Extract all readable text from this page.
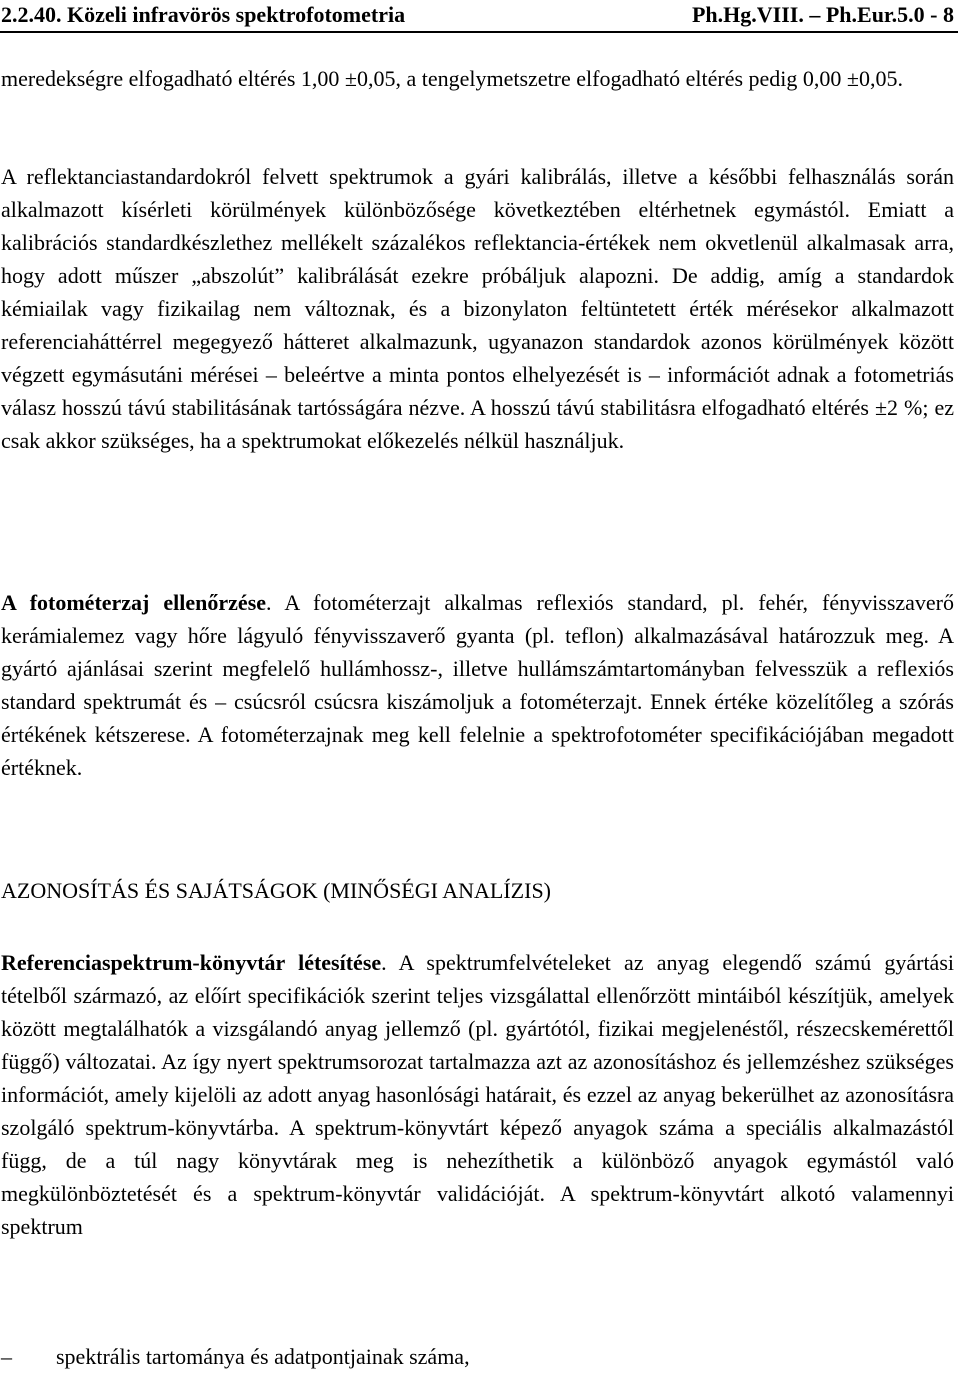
2.2.40. Közeli infravörös spektrofotometria	Ph.Hg.VIII. – Ph.Eur.5.0 - 8
meredekségre elfogadható eltérés 1,00 ±0,05, a tengelymetszetre elfogadható eltérés pedig 0,00 ±0,05.
A reflektanciastandardokról felvett spektrumok a gyári kalibrálás, illetve a későbbi felhasználás során alkalmazott kísérleti körülmények különbözősége következtében eltérhetnek egymástól. Emiatt a kalibrációs standardkészlethez mellékelt százalékos reflektancia-értékek nem okvetlenül alkalmasak arra, hogy adott műszer „abszolút” kalibrálását ezekre próbáljuk alapozni. De addig, amíg a standardok kémiailak vagy fizikailag nem változnak, és a bizonylaton feltüntetett érték mérésekor alkalmazott referenciaháttérrel megegyező hátteret alkalmazunk, ugyanazon standardok azonos körülmények között végzett egymásutáni mérései – beleértve a minta pontos elhelyezését is – információt adnak a fotometriás válasz hosszú távú stabilitásának tartósságára nézve. A hosszú távú stabilitásra elfogadható eltérés ±2 %; ez csak akkor szükséges, ha a spektrumokat előkezelés nélkül használjuk.
A fotométerzaj ellenőrzése. A fotométerzajt alkalmas reflexiós standard, pl. fehér, fényvisszaverő kerámialemez vagy hőre lágyuló fényvisszaverő gyanta (pl. teflon) alkalmazásával határozzuk meg. A gyártó ajánlásai szerint megfelelő hullámhossz-, illetve hullámszámtartományban felvesszük a reflexiós standard spektrumát és – csúcsról csúcsra kiszámoljuk a fotométerzajt. Ennek értéke közelítőleg a szórás értékének kétszerese. A fotométerzajnak meg kell felelnie a spektrofotométer specifikációjában megadott értéknek.
AZONOSÍTÁS ÉS SAJÁTSÁGOK (MINŐSÉGI ANALÍZIS)
Referenciaspektrum-könyvtár létesítése. A spektrumfelvételeket az anyag elegendő számú gyártási tételből származó, az előírt specifikációk szerint teljes vizsgálattal ellenőrzött mintáiból készítjük, amelyek között megtalálhatók a vizsgálandó anyag jellemző (pl. gyártótól, fizikai megjelenéstől, részecskemérettől függő) változatai. Az így nyert spektrumsorozat tartalmazza azt az azonosításhoz és jellemzéshez szükséges információt, amely kijelöli az adott anyag hasonlósági határait, és ezzel az anyag bekerülhet az azonosításra szolgáló spektrum-könyvtárba. A spektrum-könyvtárt képező anyagok száma a speciális alkalmazástól függ, de a túl nagy könyvtárak meg is nehezíthetik a különböző anyagok egymástól való megkülönböztetését és a spektrum-könyvtár validációját. A spektrum-könyvtárt alkotó valamennyi spektrum
– spektrális tartománya és adatpontjainak száma,
